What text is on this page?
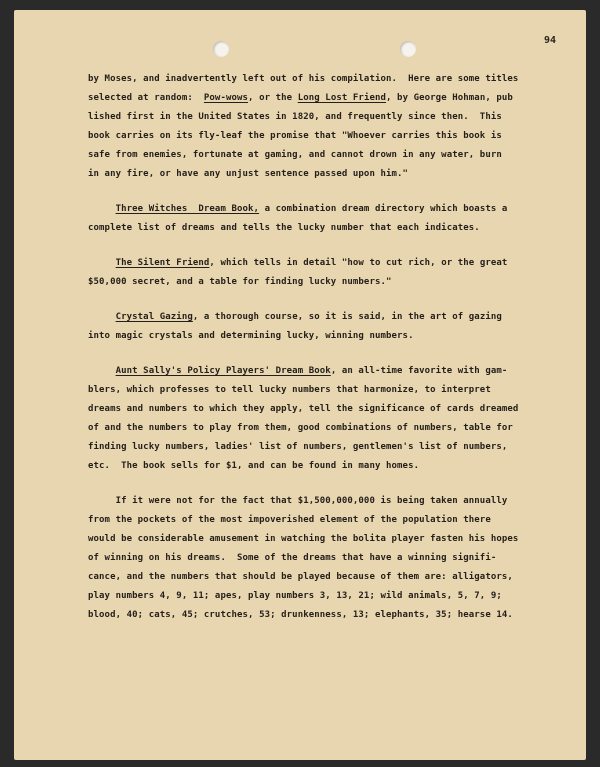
94
by Moses, and inadvertently left out of his compilation.  Here are some titles
selected at random:  Pow-wows, or the Long Lost Friend, by George Hohman, pub
lished first in the United States in 1820, and frequently since then.  This
book carries on its fly-leaf the promise that "Whoever carries this book is
safe from enemies, fortunate at gaming, and cannot drown in any water, burn
in any fire, or have any unjust sentence passed upon him."
Three Witches  Dream Book, a combination dream directory which boasts a
complete list of dreams and tells the lucky number that each indicates.
The Silent Friend, which tells in detail "how to cut rich, or the great
$50,000 secret, and a table for finding lucky numbers."
Crystal Gazing, a thorough course, so it is said, in the art of gazing
into magic crystals and determining lucky, winning numbers.
Aunt Sally's Policy Players' Dream Book, an all-time favorite with gam-
blers, which professes to tell lucky numbers that harmonize, to interpret
dreams and numbers to which they apply, tell the significance of cards dreamed
of and the numbers to play from them, good combinations of numbers, table for
finding lucky numbers, ladies' list of numbers, gentlemen's list of numbers,
etc.  The book sells for $1, and can be found in many homes.
If it were not for the fact that $1,500,000,000 is being taken annually
from the pockets of the most impoverished element of the population there
would be considerable amusement in watching the bolita player fasten his hopes
of winning on his dreams.  Some of the dreams that have a winning signifi-
cance, and the numbers that should be played because of them are: alligators,
play numbers 4, 9, 11; apes, play numbers 3, 13, 21; wild animals, 5, 7, 9;
blood, 40; cats, 45; crutches, 53; drunkenness, 13; elephants, 35; hearse 14.
